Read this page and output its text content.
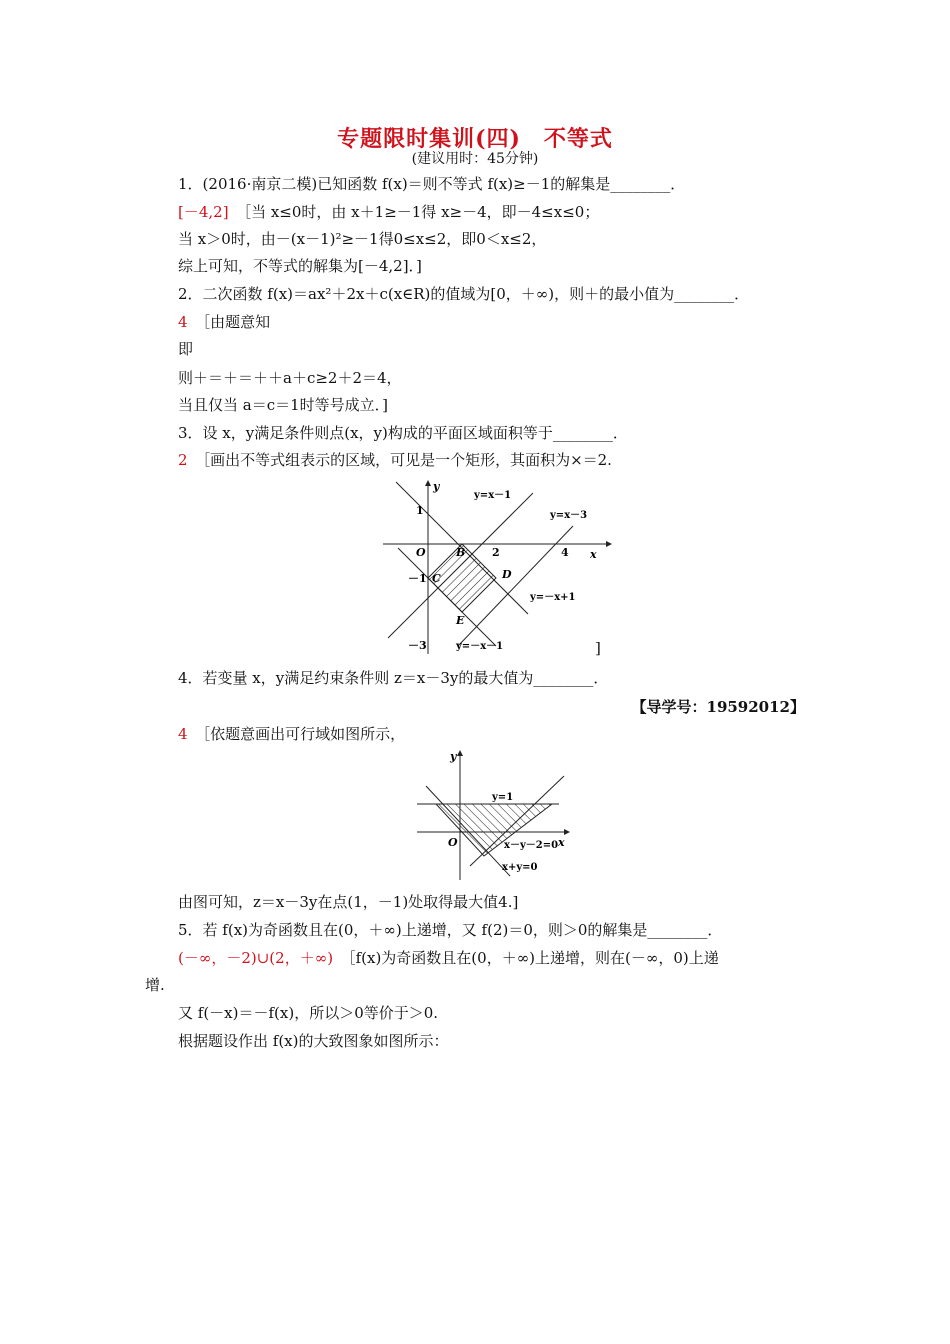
专题限时集训(四)　不等式
(建议用时：45分钟)
1．(2016·南京二模)已知函数 f(x)＝则不等式 f(x)≥－1的解集是________．
[－4,2]　 ［当 x≤0时，由 x＋1≥－1得 x≥－4，即－4≤x≤0；
当 x＞0时，由－(x－1)²≥－1得0≤x≤2，即0＜x≤2，
综上可知，不等式的解集为[－4,2]．]
2．二次函数 f(x)＝ax²＋2x＋c(x∈R)的值域为[0，＋∞)，则＋的最小值为________．
4　 ［由题意知
即
则＋＝＋＝＋＋a＋c≥2＋2＝4，
当且仅当 a＝c＝1时等号成立．]
3．设 x，y满足条件则点(x，y)构成的平面区域面积等于________．
2　 ［画出不等式组表示的区域，可见是一个矩形，其面积为×＝2.
y
x
1
－1
－3
2	4
O	B
C	D
E
y=x－1
y=x－3
y=－x+1
y=－x－1	]
4．若变量 x，y满足约束条件则 z＝x－3y的最大值为________．
【导学号：19592012】
4　 ［依题意画出可行域如图所示，
y
x
O
y=1
x－y－2=0
x+y=0
由图可知，z＝x－3y在点(1，－1)处取得最大值4.]
5．若 f(x)为奇函数且在(0，＋∞)上递增，又 f(2)＝0，则＞0的解集是________．
(－∞，－2)∪(2，＋∞)　 ［f(x)为奇函数且在(0，＋∞)上递增，则在(－∞，0)上递
增.
又 f(－x)＝－f(x)，所以＞0等价于＞0.
根据题设作出 f(x)的大致图象如图所示：
